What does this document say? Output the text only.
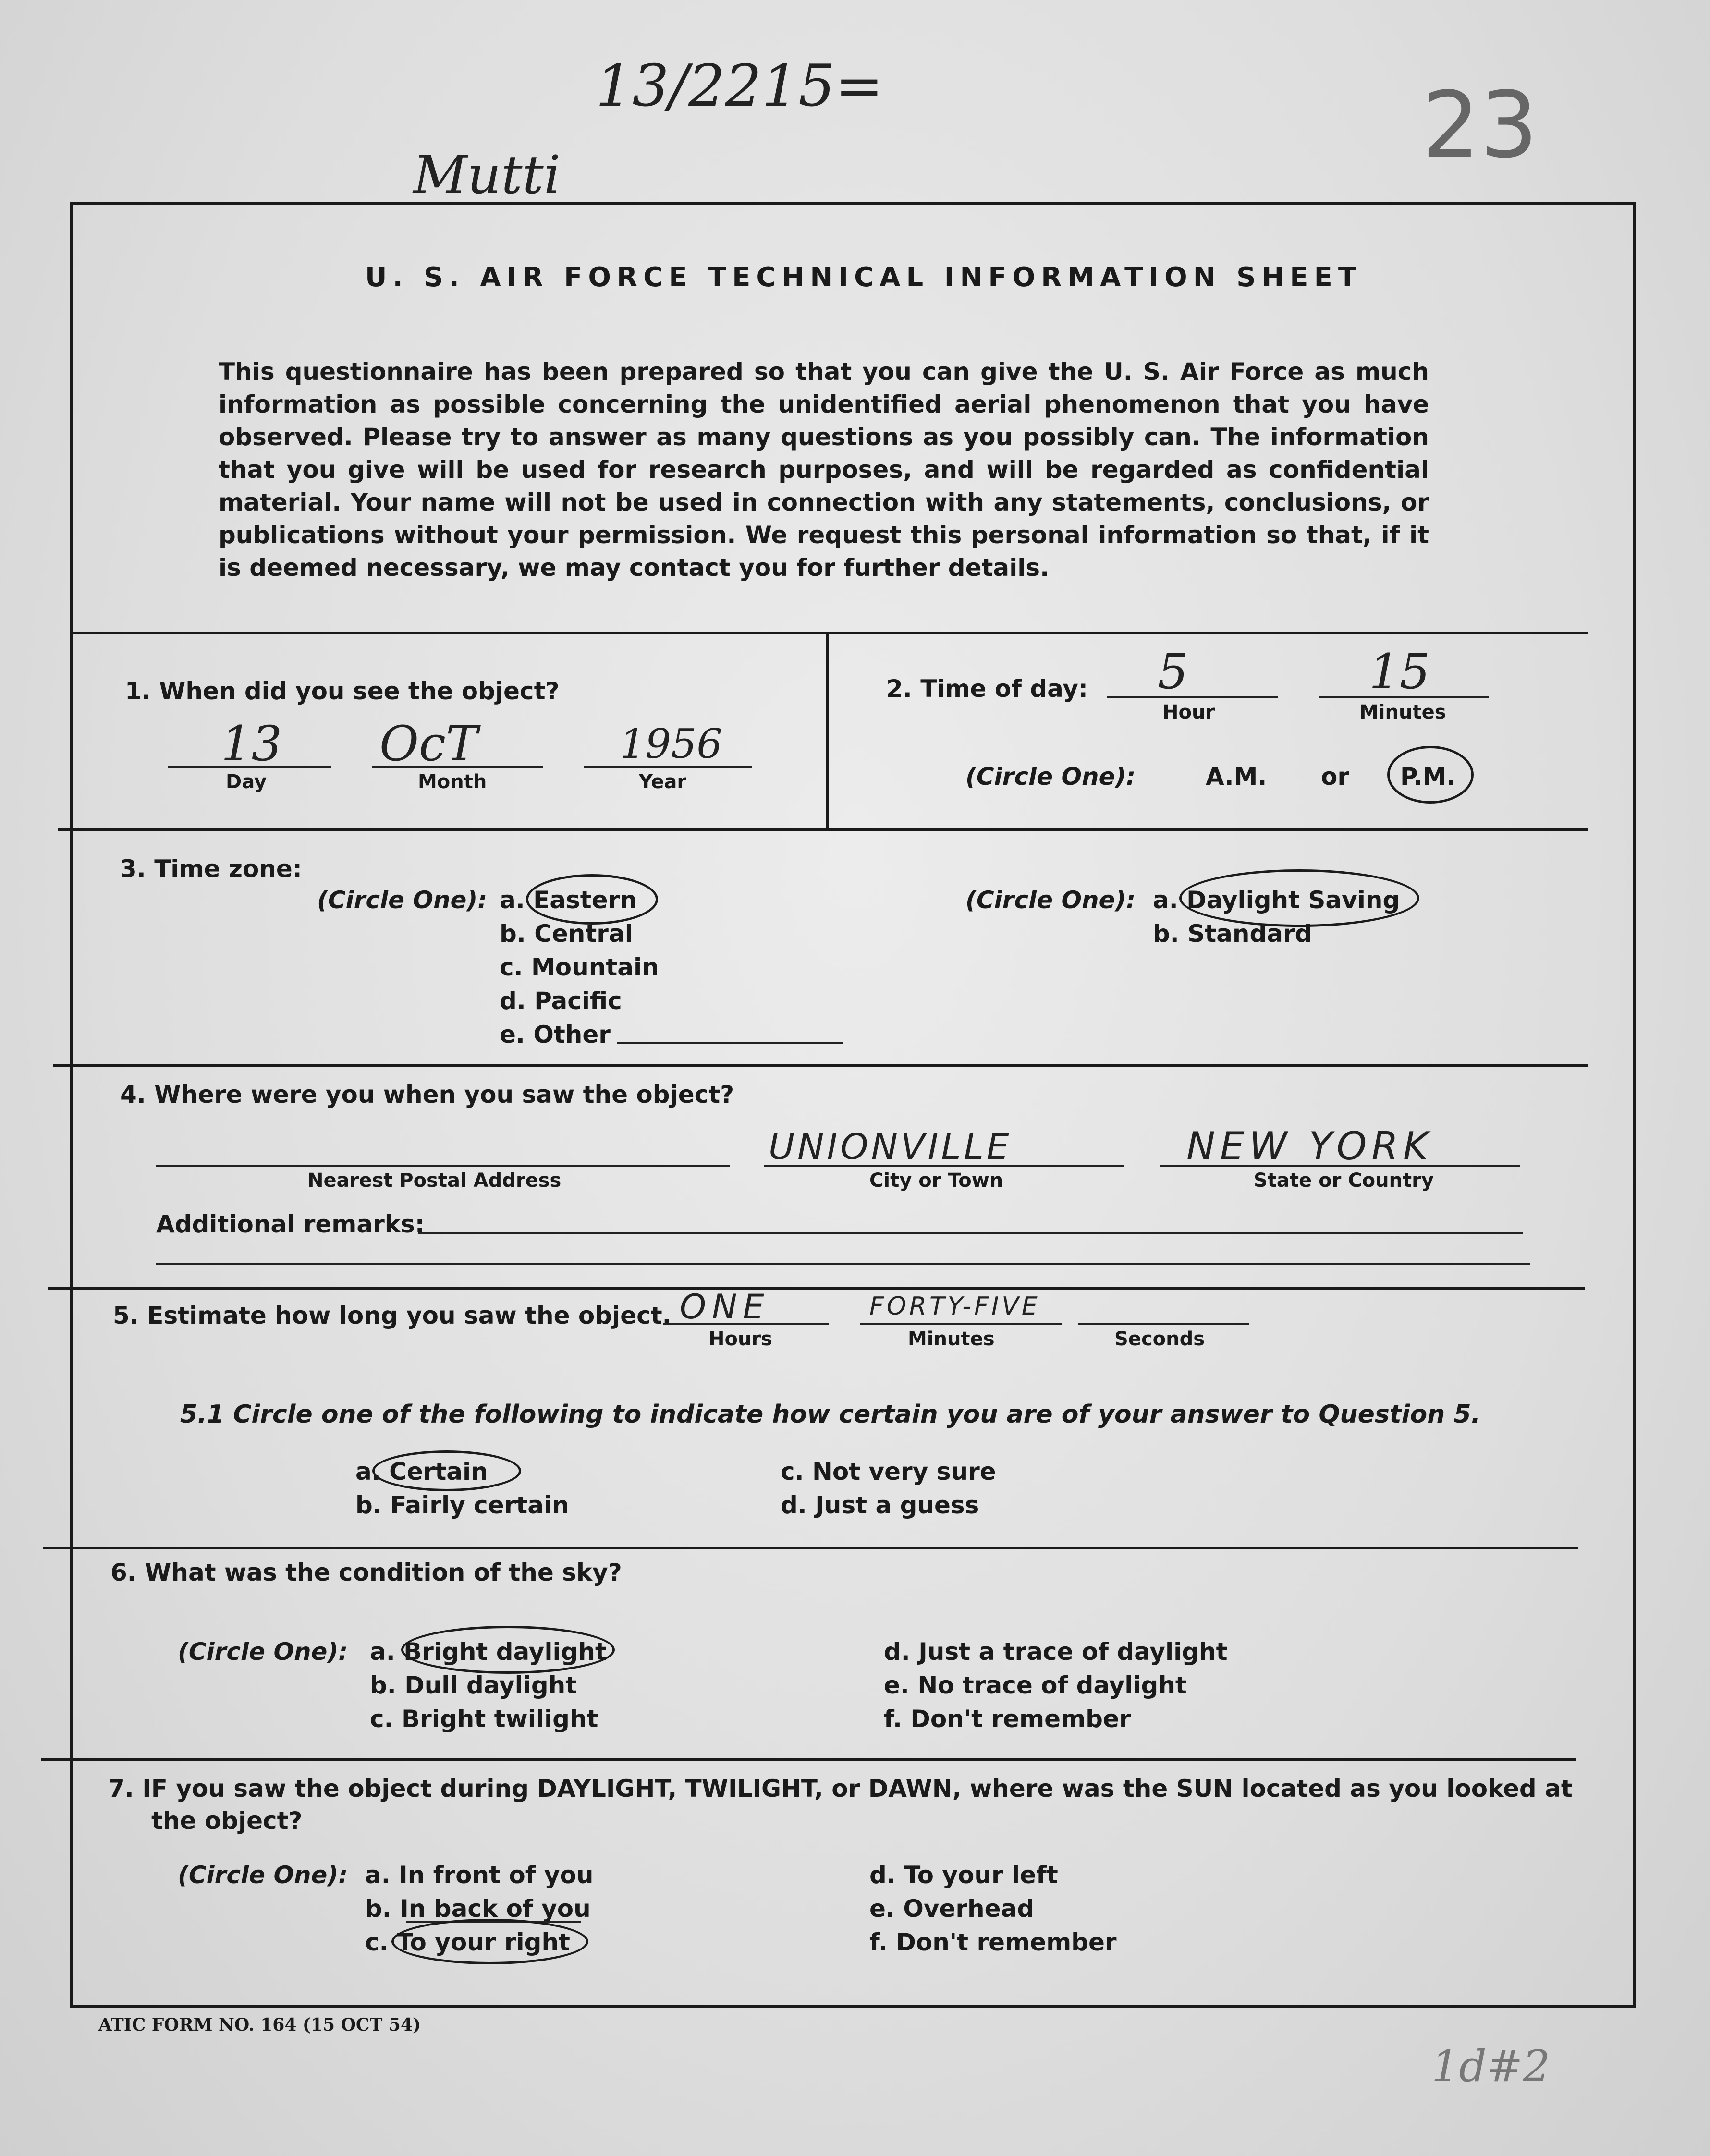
13/2215=	23
Mutti
1d#2
U. S. AIR FORCE TECHNICAL INFORMATION SHEET
This questionnaire has been prepared so that you can give the U. S. Air Force as much information as possible concerning the unidentified aerial phenomenon that you have observed. Please try to answer as many questions as you possibly can. The information that you give will be used for research purposes, and will be regarded as confidential material. Your name will not be used in connection with any statements, conclusions, or publications without your permission. We request this personal information so that, if it is deemed necessary, we may contact you for further details.
1. When did you see the object?
13
Day
OcT
Month
1956
Year
2. Time of day: 5
Hour
15
Minutes
(Circle One):	A.M. or P.M.
3. Time zone:
(Circle One): a. Eastern
b. Central
c. Mountain
d. Pacific
e. Other
(Circle One): a. Daylight Saving
b. Standard
4. Where were you when you saw the object?
Nearest Postal Address
UNIONVILLE
City or Town
NEW YORK
State or Country
Additional remarks:
5. Estimate how long you saw the object. ONE
Hours
FORTY-FIVE
Minutes	Seconds
5.1 Circle one of the following to indicate how certain you are of your answer to Question 5.
a. Certain
b. Fairly certain
c. Not very sure
d. Just a guess
6. What was the condition of the sky?
(Circle One): a. Bright daylight
b. Dull daylight
c. Bright twilight
d. Just a trace of daylight
e. No trace of daylight
f. Don't remember
7. IF you saw the object during DAYLIGHT, TWILIGHT, or DAWN, where was the SUN located as you looked at
the object?
(Circle One): a. In front of you
b. In back of you
c. To your right
d. To your left
e. Overhead
f. Don't remember
ATIC FORM NO. 164 (15 OCT 54)
